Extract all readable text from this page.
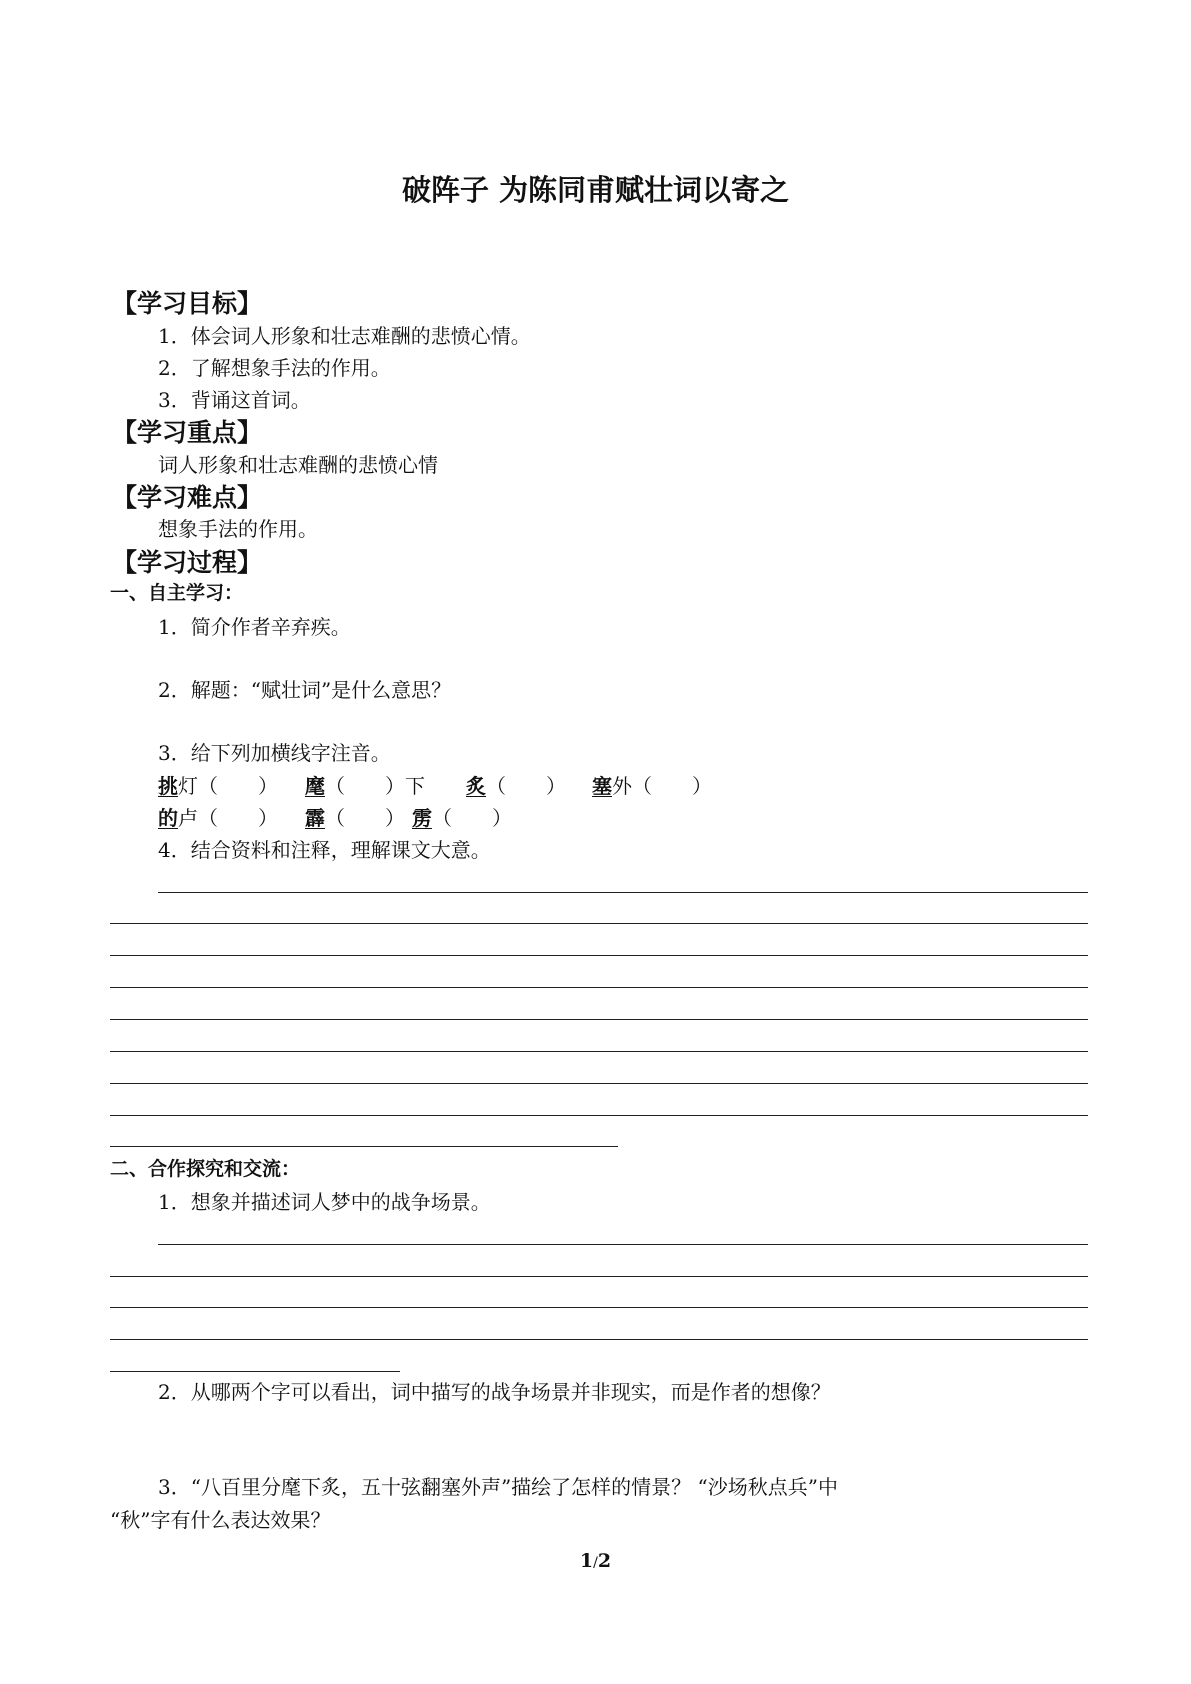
破阵子 为陈同甫赋壮词以寄之
【学习目标】
1．体会词人形象和壮志难酬的悲愤心情。
2．了解想象手法的作用。
3．背诵这首词。
【学习重点】
词人形象和壮志难酬的悲愤心情
【学习难点】
想象手法的作用。
【学习过程】
一、自主学习：
1．简介作者辛弃疾。
2．解题：“赋壮词”是什么意思？
3．给下列加横线字注音。
挑灯（　　） 麾（　　）下 炙（　　） 塞外（　　）
的卢（　　） 霹（　　） 雳（　　）
4．结合资料和注释，理解课文大意。
二、合作探究和交流：
1．想象并描述词人梦中的战争场景。
2．从哪两个字可以看出，词中描写的战争场景并非现实，而是作者的想像？
3．“八百里分麾下炙，五十弦翻塞外声”描绘了怎样的情景？ “沙场秋点兵”中
“秋”字有什么表达效果？
1/2
